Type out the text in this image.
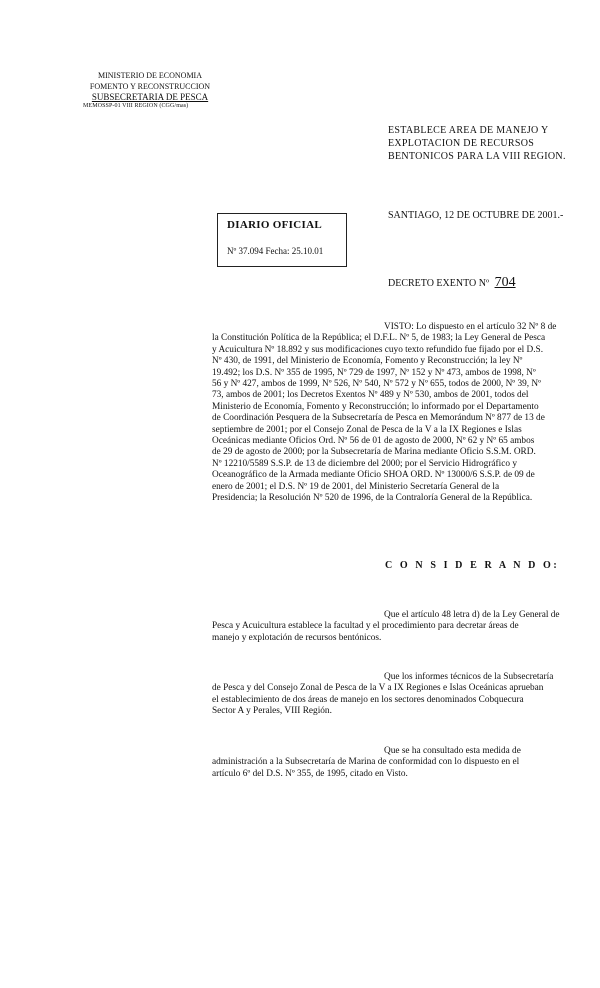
MINISTERIO DE ECONOMIA
FOMENTO Y RECONSTRUCCION
SUBSECRETARIA DE PESCA
MEMOSSP-01 VIII REGION (CGG/mas)
ESTABLECE AREA DE MANEJO Y
EXPLOTACION DE RECURSOS
BENTONICOS PARA LA VIII REGION.
DIARIO OFICIAL
Nº 37.094 Fecha: 25.10.01
SANTIAGO, 12 DE OCTUBRE DE 2001.-
DECRETO EXENTO Nº 704

VISTO: Lo dispuesto en el artículo 32 Nº 8 de

la Constitución Política de la República; el D.F.L. Nº 5, de 1983; la Ley General de Pesca

y Acuicultura Nº 18.892 y sus modificaciones cuyo texto refundido fue fijado por el D.S.

Nº 430, de 1991, del Ministerio de Economía, Fomento y Reconstrucción; la ley Nº

19.492; los D.S. Nº 355 de 1995, Nº 729 de 1997, Nº 152 y Nº 473, ambos de 1998, Nº

56 y Nº 427, ambos de 1999, Nº 526, Nº 540, Nº 572 y Nº 655, todos de 2000, Nº 39, Nº

73, ambos de 2001; los Decretos Exentos Nº 489 y Nº 530, ambos de 2001, todos del

Ministerio de Economía, Fomento y Reconstrucción; lo informado por el Departamento

de Coordinación Pesquera de la Subsecretaría de Pesca en Memorándum Nº 877 de 13 de

septiembre de 2001; por el Consejo Zonal de Pesca de la V a la IX Regiones e Islas

Oceánicas mediante Oficios Ord. Nº 56 de 01 de agosto de 2000, Nº 62 y Nº 65 ambos

de 29 de agosto de 2000; por la Subsecretaría de Marina mediante Oficio S.S.M. ORD.

Nº 12210/5589 S.S.P. de 13 de diciembre del 2000; por el Servicio Hidrográfico y

Oceanográfico de la Armada mediante Oficio SHOA ORD. Nº 13000/6 S.S.P. de 09 de

enero de 2001; el D.S. Nº 19 de 2001, del Ministerio Secretaría General de la

Presidencia; la Resolución Nº 520 de 1996, de la Contraloría General de la República.

C O N S I D E R A N D O:

Que el artículo 48 letra d) de la Ley General de

Pesca y Acuicultura establece la facultad y el procedimiento para decretar áreas de

manejo y explotación de recursos bentónicos.

Que los informes técnicos de la Subsecretaría

de Pesca y del Consejo Zonal de Pesca de la V a IX Regiones e Islas Oceánicas aprueban

el establecimiento de dos áreas de manejo en los sectores denominados Cobquecura

Sector A y Perales, VIII Región.

Que se ha consultado esta medida de

administración a la Subsecretaría de Marina de conformidad con lo dispuesto en el

artículo 6º del D.S. Nº 355, de 1995, citado en Visto.
